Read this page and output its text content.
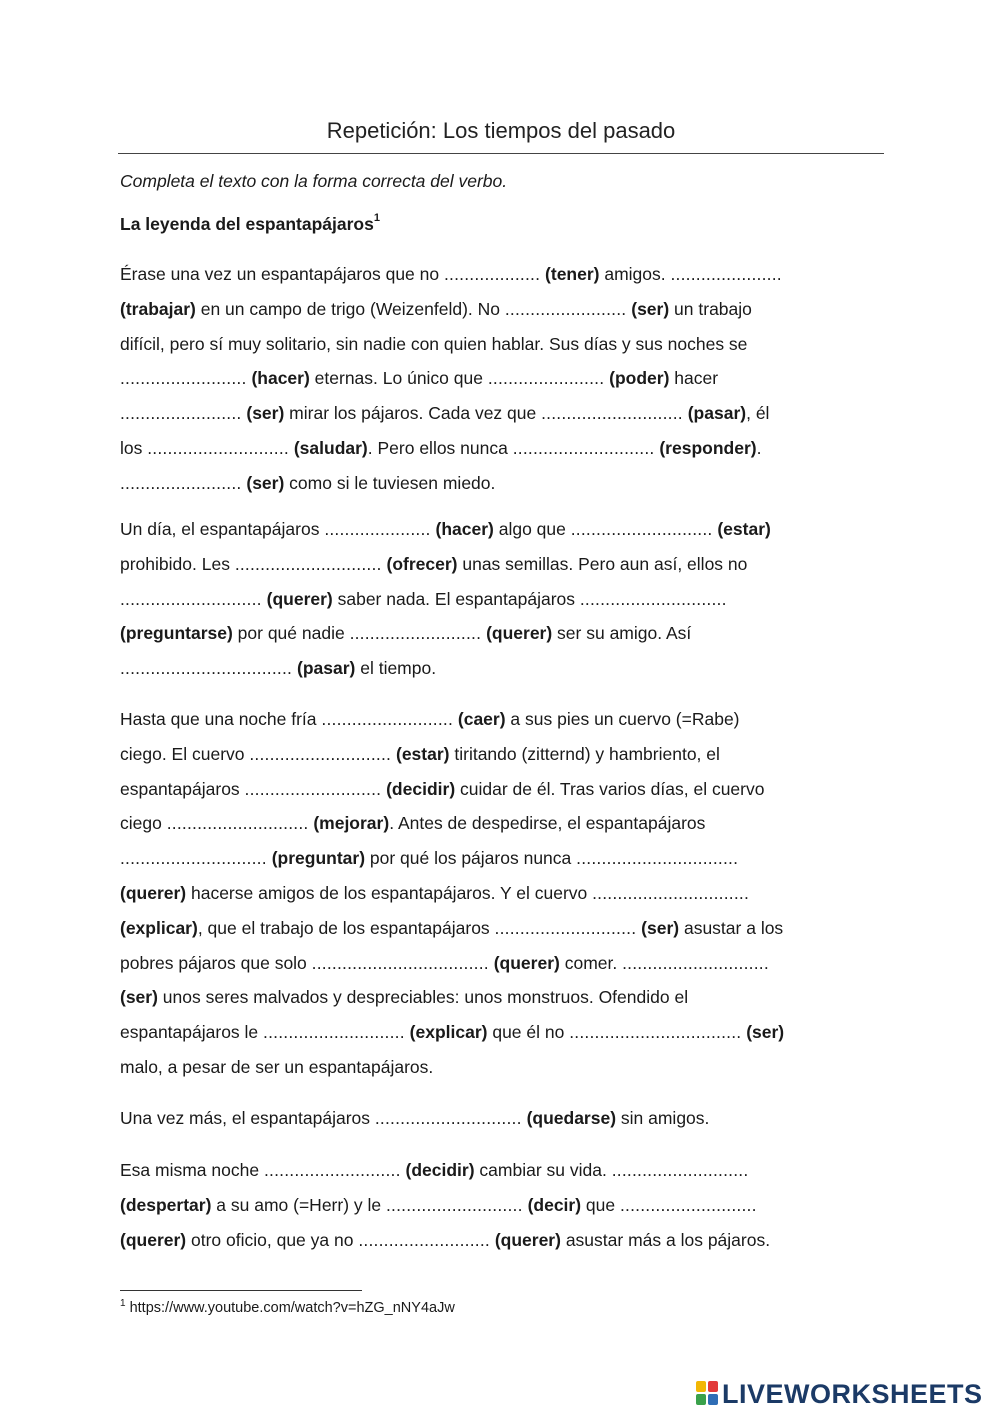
Repetición: Los tiempos del pasado
Completa el texto con la forma correcta del verbo.
La leyenda del espantapájaros$^1$
Érase una vez un espantapájaros que no ................... (tener) amigos. ......................
(trabajar) en un campo de trigo (Weizenfeld). No ........................ (ser) un trabajo
difícil, pero sí muy solitario, sin nadie con quien hablar. Sus días y sus noches se
......................... (hacer) eternas. Lo único que ....................... (poder) hacer
........................ (ser) mirar los pájaros. Cada vez que ............................ (pasar), él
los ............................ (saludar). Pero ellos nunca ............................ (responder).
........................ (ser) como si le tuviesen miedo.
Un día, el espantapájaros ..................... (hacer) algo que ............................ (estar)
prohibido. Les ............................. (ofrecer) unas semillas. Pero aun así, ellos no
............................ (querer) saber nada. El espantapájaros .............................
(preguntarse) por qué nadie .......................... (querer) ser su amigo. Así
.................................. (pasar) el tiempo.
Hasta que una noche fría .......................... (caer) a sus pies un cuervo (=Rabe)
ciego. El cuervo ............................ (estar) tiritando (zitternd) y hambriento, el
espantapájaros ........................... (decidir) cuidar de él. Tras varios días, el cuervo
ciego ............................ (mejorar). Antes de despedirse, el espantapájaros
............................. (preguntar) por qué los pájaros nunca ................................
(querer) hacerse amigos de los espantapájaros. Y el cuervo ...............................
(explicar), que el trabajo de los espantapájaros ............................ (ser) asustar a los
pobres pájaros que solo ................................... (querer) comer. .............................
(ser) unos seres malvados y despreciables: unos monstruos. Ofendido el
espantapájaros le ............................ (explicar) que él no .................................. (ser)
malo, a pesar de ser un espantapájaros.
Una vez más, el espantapájaros ............................. (quedarse) sin amigos.
Esa misma noche ........................... (decidir) cambiar su vida. ...........................
(despertar) a su amo (=Herr) y le ........................... (decir) que ...........................
(querer) otro oficio, que ya no .......................... (querer) asustar más a los pájaros.
$^1$ https://www.youtube.com/watch?v=hZG_nNY4aJw
LIVEWORKSHEETS
